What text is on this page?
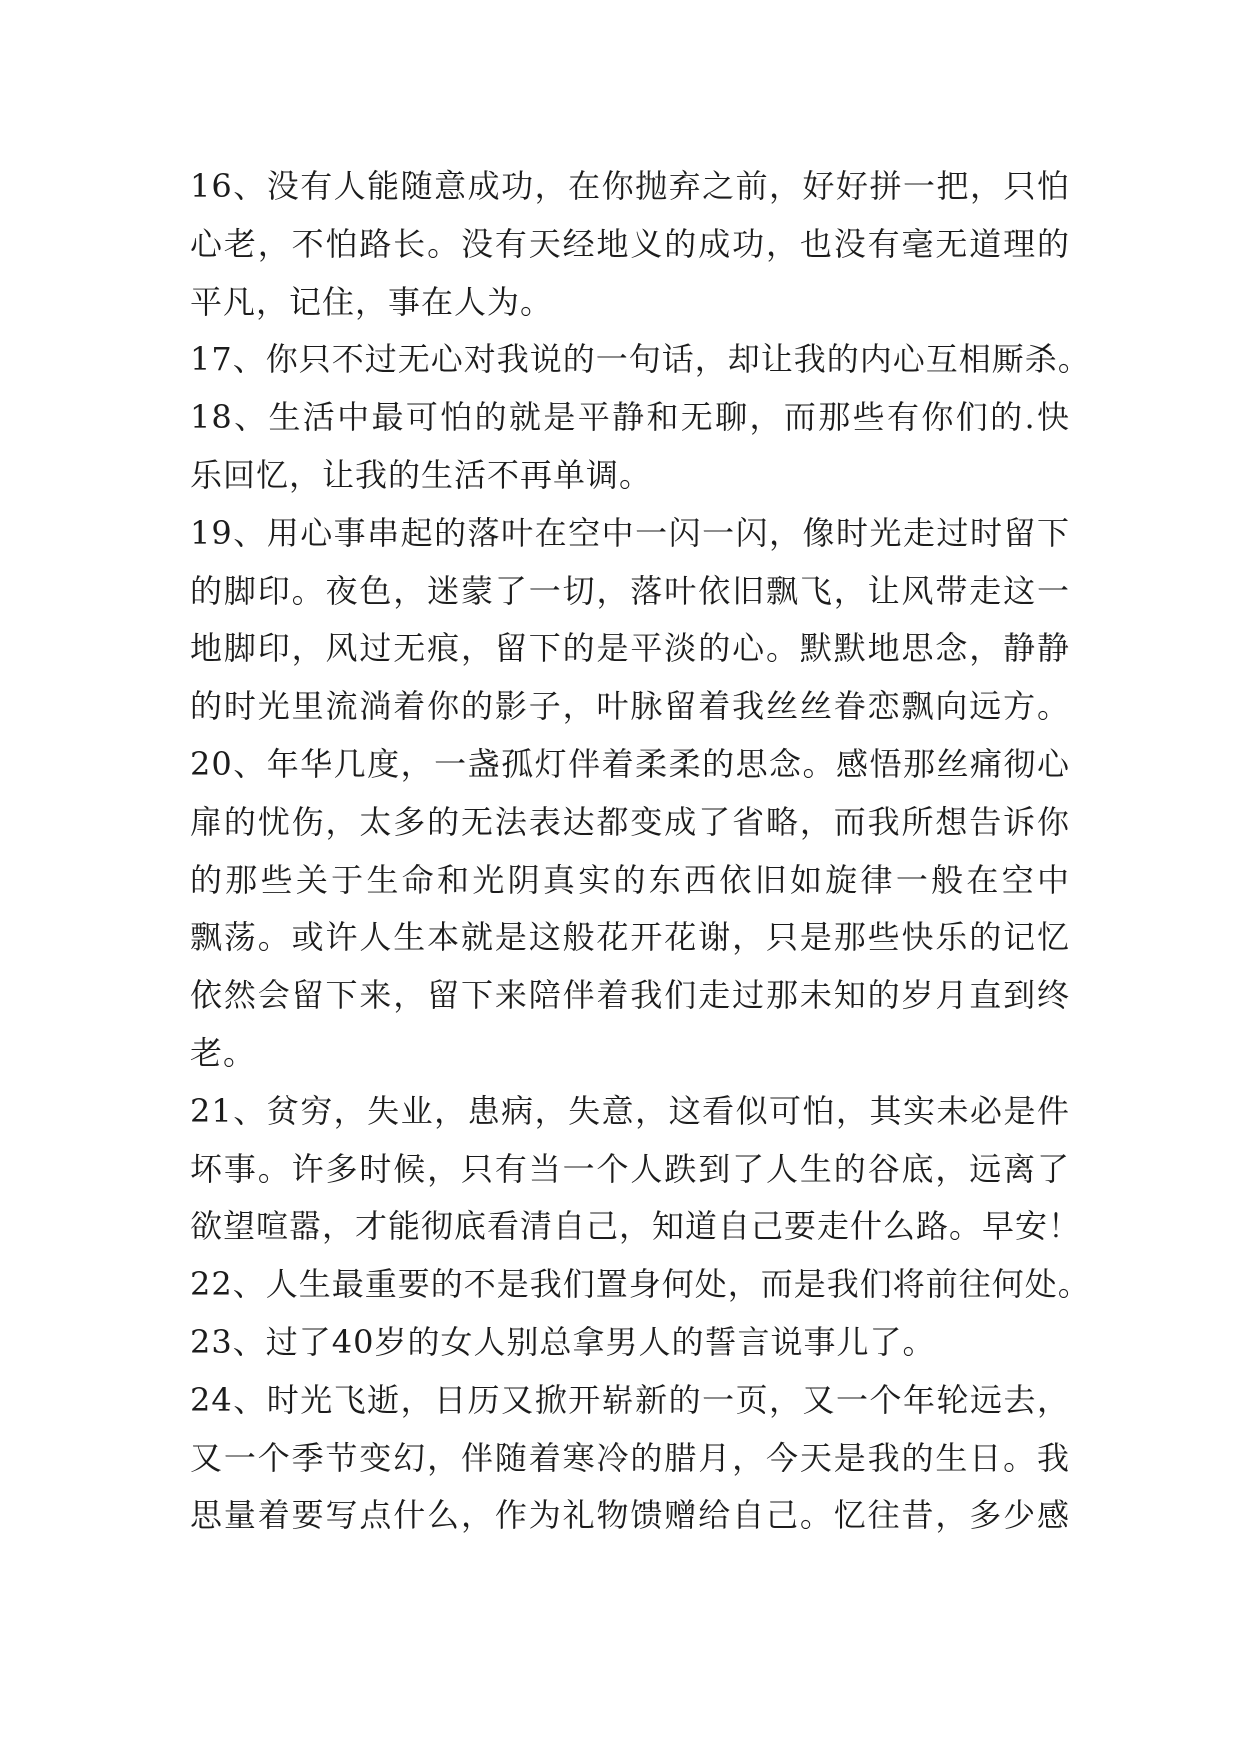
16、没有人能随意成功，在你抛弃之前，好好拼一把，只怕
心老，不怕路长。没有天经地义的成功，也没有毫无道理的
平凡，记住，事在人为。
17、你只不过无心对我说的一句话，却让我的内心互相厮杀。
18、生活中最可怕的就是平静和无聊，而那些有你们的.快
乐回忆，让我的生活不再单调。
19、用心事串起的落叶在空中一闪一闪，像时光走过时留下
的脚印。夜色，迷蒙了一切，落叶依旧飘飞，让风带走这一
地脚印，风过无痕，留下的是平淡的心。默默地思念，静静
的时光里流淌着你的影子，叶脉留着我丝丝眷恋飘向远方。
20、年华几度，一盏孤灯伴着柔柔的思念。感悟那丝痛彻心
扉的忧伤，太多的无法表达都变成了省略，而我所想告诉你
的那些关于生命和光阴真实的东西依旧如旋律一般在空中
飘荡。或许人生本就是这般花开花谢，只是那些快乐的记忆
依然会留下来，留下来陪伴着我们走过那未知的岁月直到终
老。
21、贫穷，失业，患病，失意，这看似可怕，其实未必是件
坏事。许多时候，只有当一个人跌到了人生的谷底，远离了
欲望喧嚣，才能彻底看清自己，知道自己要走什么路。早安！
22、人生最重要的不是我们置身何处，而是我们将前往何处。
23、过了40岁的女人别总拿男人的誓言说事儿了。
24、时光飞逝，日历又掀开崭新的一页，又一个年轮远去，
又一个季节变幻，伴随着寒冷的腊月，今天是我的生日。我
思量着要写点什么，作为礼物馈赠给自己。忆往昔，多少感
